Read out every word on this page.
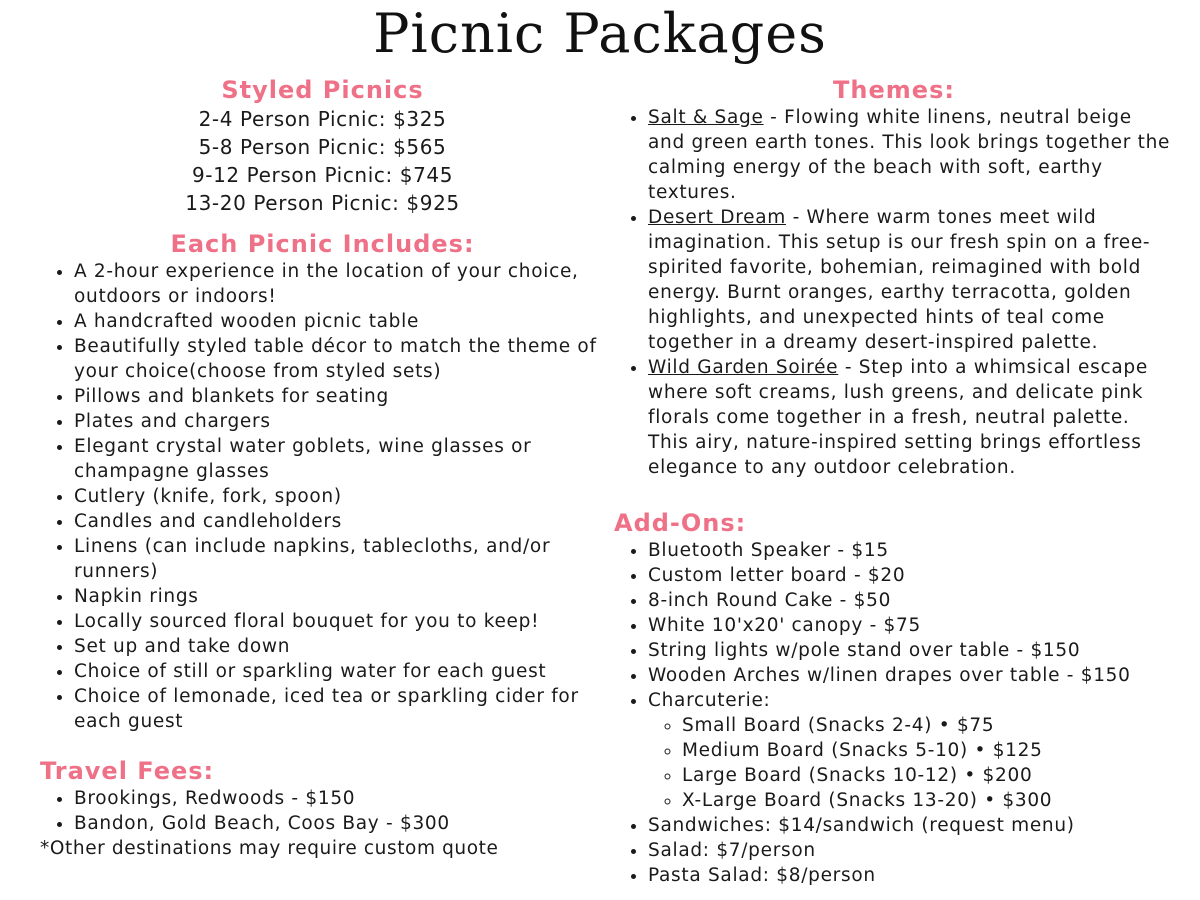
Picnic Packages
Styled Picnics
2-4 Person Picnic: $325
5-8 Person Picnic: $565
9-12 Person Picnic: $745
13-20 Person Picnic: $925
Each Picnic Includes:
• A 2-hour experience in the location of your choice, outdoors or indoors!
• A handcrafted wooden picnic table
• Beautifully styled table décor to match the theme of your choice(choose from styled sets)
• Pillows and blankets for seating
• Plates and chargers
• Elegant crystal water goblets, wine glasses or champagne glasses
• Cutlery (knife, fork, spoon)
• Candles and candleholders
• Linens (can include napkins, tablecloths, and/or runners)
• Napkin rings
• Locally sourced floral bouquet for you to keep!
• Set up and take down
• Choice of still or sparkling water for each guest
• Choice of lemonade, iced tea or sparkling cider for each guest
Travel Fees:
• Brookings, Redwoods - $150
• Bandon, Gold Beach, Coos Bay - $300

*Other destinations may require custom quote

Themes:
• Salt & Sage - Flowing white linens, neutral beige and green earth tones. This look brings together the calming energy of the beach with soft, earthy textures.
• Desert Dream - Where warm tones meet wild imagination. This setup is our fresh spin on a free-spirited favorite, bohemian, reimagined with bold energy. Burnt oranges, earthy terracotta, golden highlights, and unexpected hints of teal come together in a dreamy desert-inspired palette.
• Wild Garden Soirée - Step into a whimsical escape where soft creams, lush greens, and delicate pink florals come together in a fresh, neutral palette. This airy, nature-inspired setting brings effortless elegance to any outdoor celebration.
Add-Ons:
• Bluetooth Speaker - $15
• Custom letter board - $20
• 8-inch Round Cake - $50
• White 10'x20' canopy - $75
• String lights w/pole stand over table - $150
• Wooden Arches w/linen drapes over table - $150
• Charcuterie:
◦ Small Board (Snacks 2-4) • $75
◦ Medium Board (Snacks 5-10) • $125
◦ Large Board (Snacks 10-12) • $200
◦ X-Large Board (Snacks 13-20) • $300
• Sandwiches: $14/sandwich (request menu)
• Salad: $7/person
• Pasta Salad: $8/person
